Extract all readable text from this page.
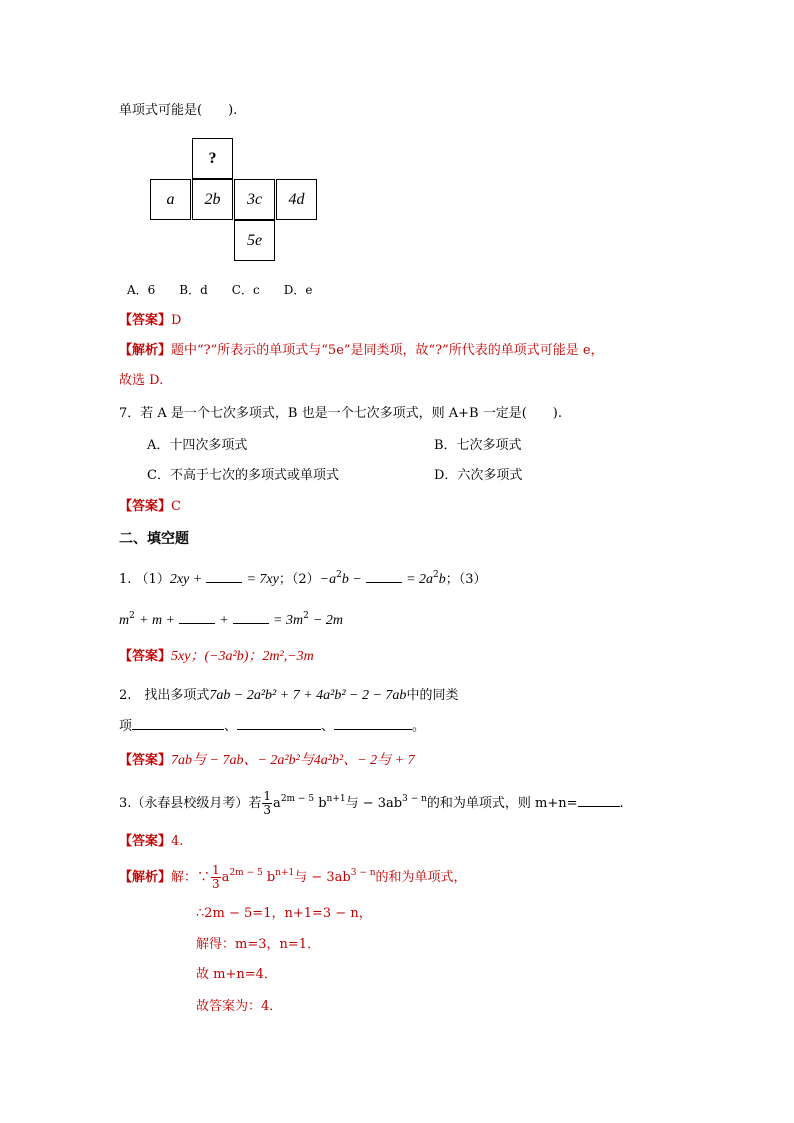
单项式可能是(　　).
?
a	2b	3c	4d
5e
A．6　　B．d　　C．c　　D．e
【答案】D
【解析】题中“?”所表示的单项式与“5e”是同类项，故“?”所代表的单项式可能是 e，
故选 D.
7．若 A 是一个七次多项式，B 也是一个七次多项式，则 A+B 一定是(　　).
A．十四次多项式	B．七次多项式
C．不高于七次的多项式或单项式	D．六次多项式
【答案】C
二、填空题
1. （1）2xy +	= 7xy；$(2)-a^2b$ −	= $2a^2b$；（3）
$m^2 + m$ +	+	= $3m^2 - 2m$
【答案】5xy；(−3a²b)；2m²,−3m
2.　找出多项式7ab − 2a²b² + 7 + 4a²b² − 2 − 7ab中的同类
项	、	、	。
【答案】7ab与 − 7ab、− 2a²b²与4a²b²、− 2与 + 7
3.（永春县校级月考）若 $\frac{1}{3} a^{2m - 5}$ $b^{n+1}$与 − $3ab^{3 - n}$的和为单项式，则 m+n=	.
【答案】4.
【解析】解：∵ $\frac{1}{3} a^{2m - 5}$ $b^{n+1}$与 − $3ab^{3 - n}$的和为单项式，
∴2m − 5=1，n+1=3 − n，
解得：m=3，n=1．
故 m+n=4．
故答案为：4．
